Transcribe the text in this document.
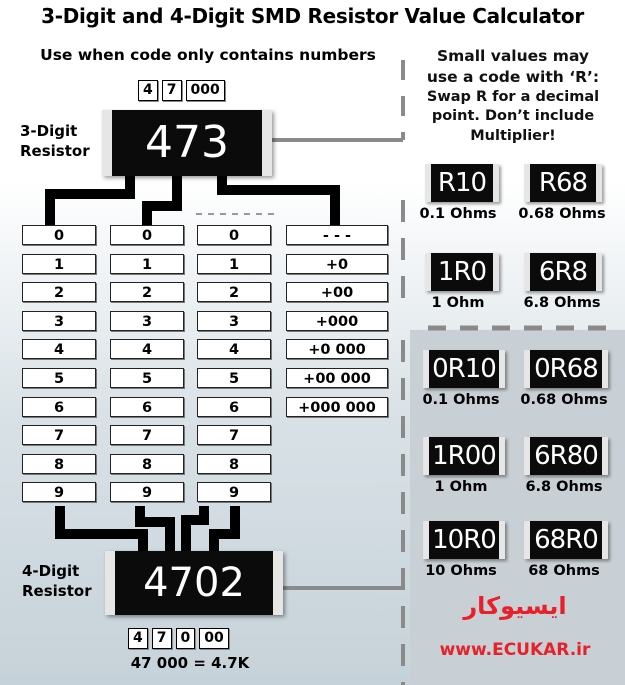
3-Digit and 4-Digit SMD Resistor Value Calculator
Use when code only contains numbers
4	7	000
3-Digit
Resistor	473
0
1
2
3
4
5
6
7
8
9
0
1
2
3
4
5
6
7
8
9
0
1
2
3
4
5
6
7
8
9
- - -
+0
+00
+000
+0 000
+00 000
+000 000
4-Digit
Resistor	4702
4	7	0	00
47 000 = 4.7K
Small values may
use a code with ‘R’:
Swap R for a decimal
point. Don’t include
Multiplier!
R10
0.1 Ohms
R68
0.68 Ohms
1R0
1 Ohm
6R8
6.8 Ohms
0R10
0.1 Ohms
0R68
0.68 Ohms
1R00
1 Ohm
6R80
6.8 Ohms
10R0
10 Ohms
68R0
68 Ohms
ایسیوکار
www.ECUKAR.ir
